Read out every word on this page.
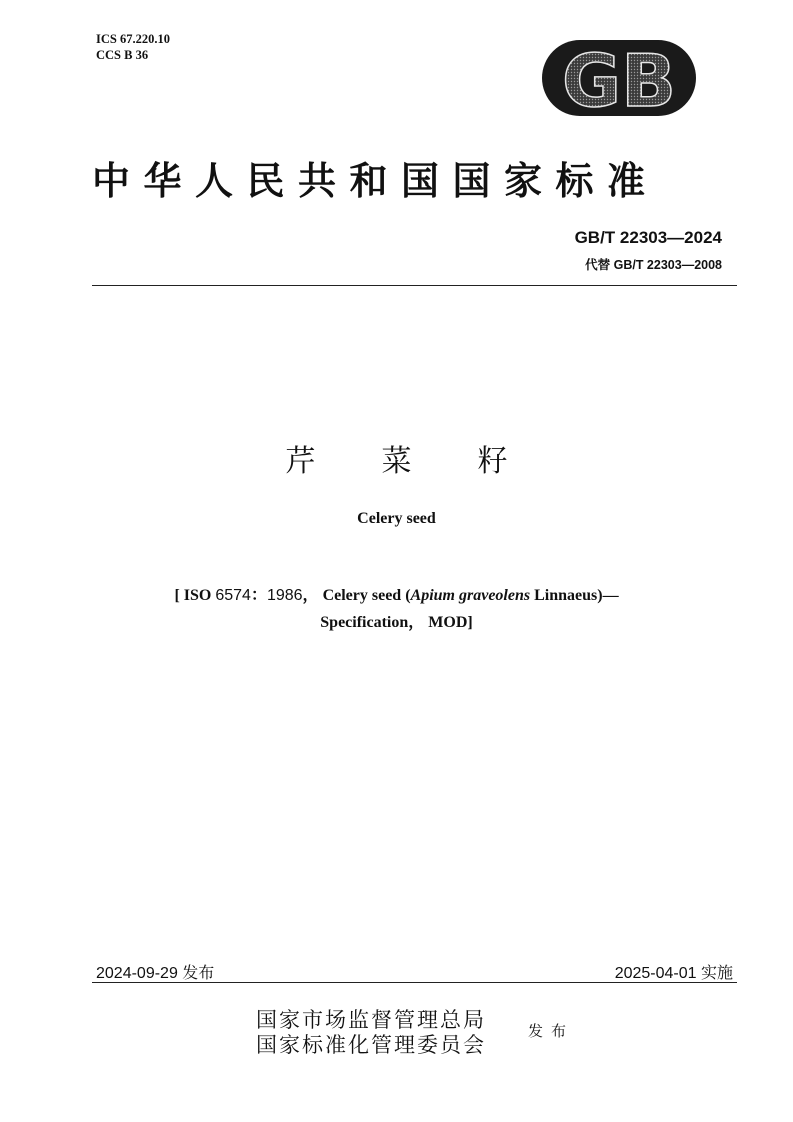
ICS 67.220.10
CCS B 36	GB
中华人民共和国国家标准
GB/T 22303—2024
代替 GB/T 22303—2008
芹菜籽
Celery seed
[ ISO 6574：1986， Celery seed (Apium graveolens Linnaeus)—
Specification， MOD]
2024-09-29 发布	2025-04-01 实施
国家市场监督管理总局
国家标准化管理委员会
发布
